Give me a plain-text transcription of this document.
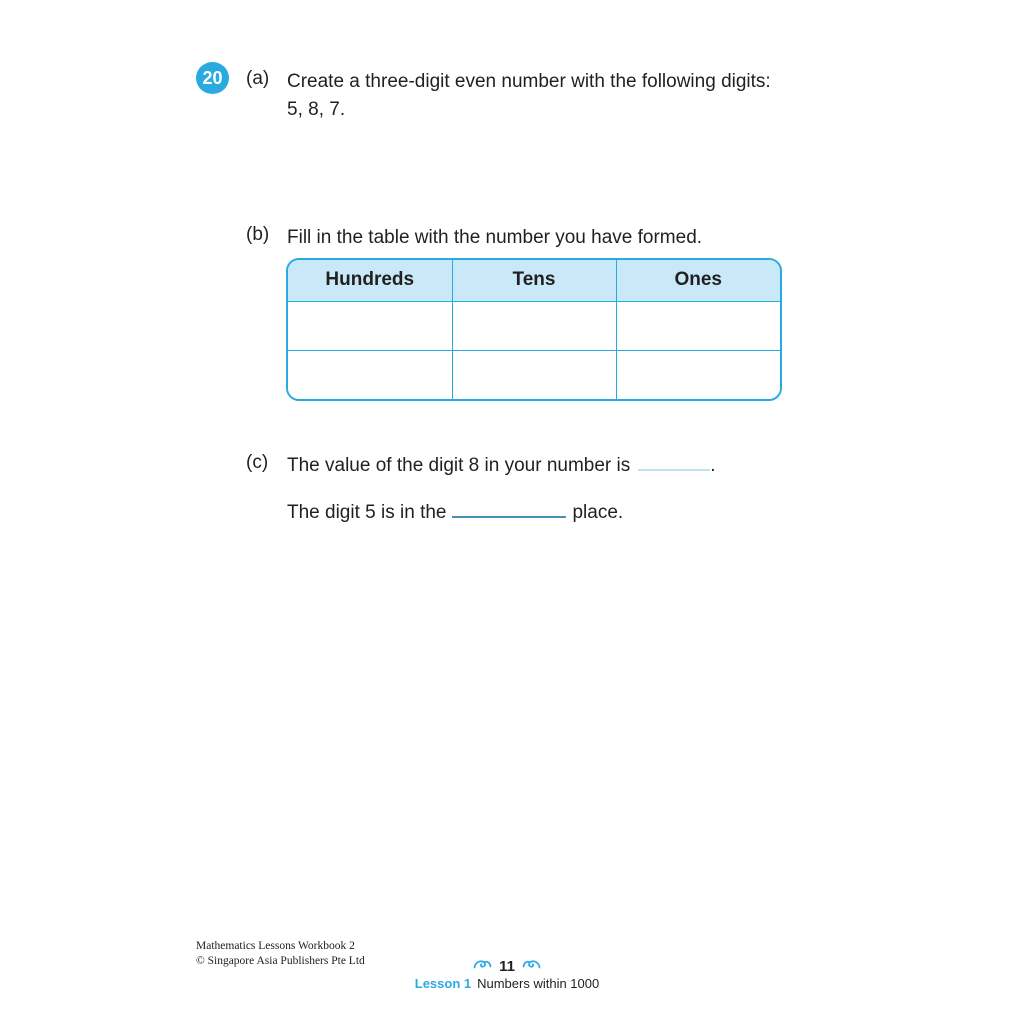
20 (a) Create a three-digit even number with the following digits:
5, 8, 7.
(b) Fill in the table with the number you have formed.
Hundreds	Tens	Ones

(c) The value of the digit 8 in your number is	.
The digit 5 is in the	place.
Mathematics Lessons Workbook 2
© Singapore Asia Publishers Pte Ltd	11
Lesson 1 Numbers within 1000
